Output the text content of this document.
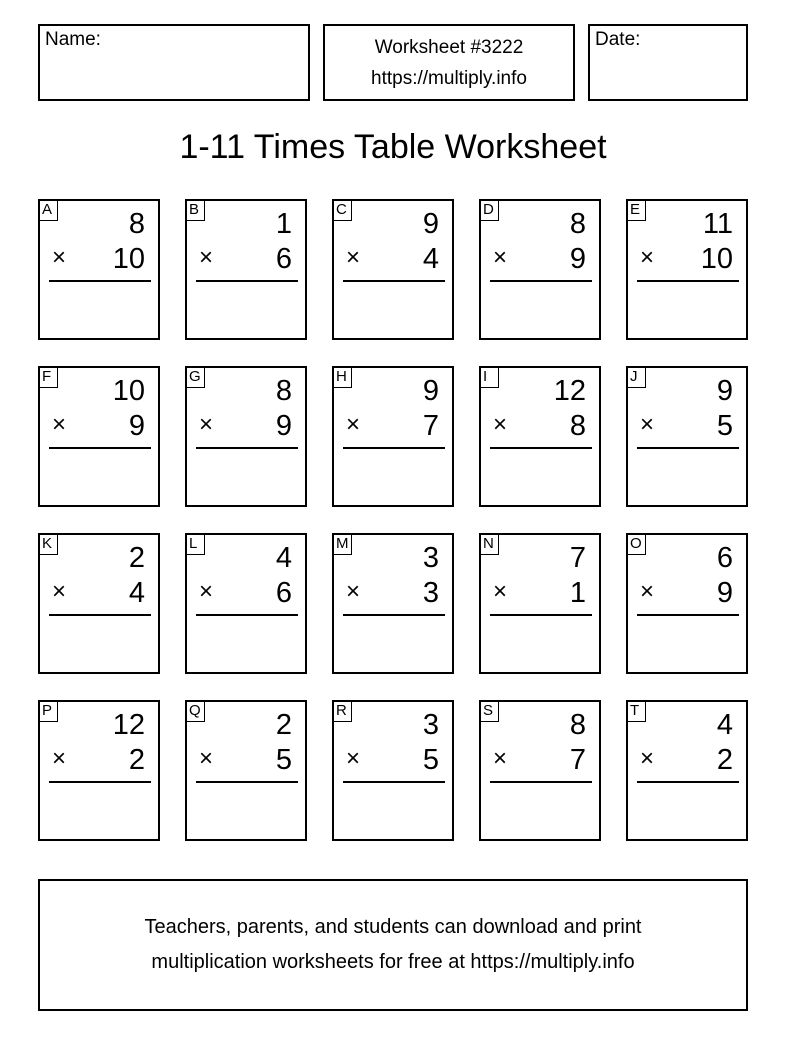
Name:	Worksheet #3222
https://multiply.info
Date:
1-11 Times Table Worksheet
A	8
× 10
B	1
× 6
C	9
× 4
D	8
× 9
E 11
× 10
F 10
× 9
G	8
× 9
H	9
× 7
I	12
× 8
J	9
× 5
K	2
× 4
L	4
× 6
M	3
× 3
N	7
× 1
O	6
× 9
P 12
× 2
Q	2
× 5
R	3
× 5
S	8
× 7
T	4
× 2
Teachers, parents, and students can download and print
multiplication worksheets for free at https://multiply.info
